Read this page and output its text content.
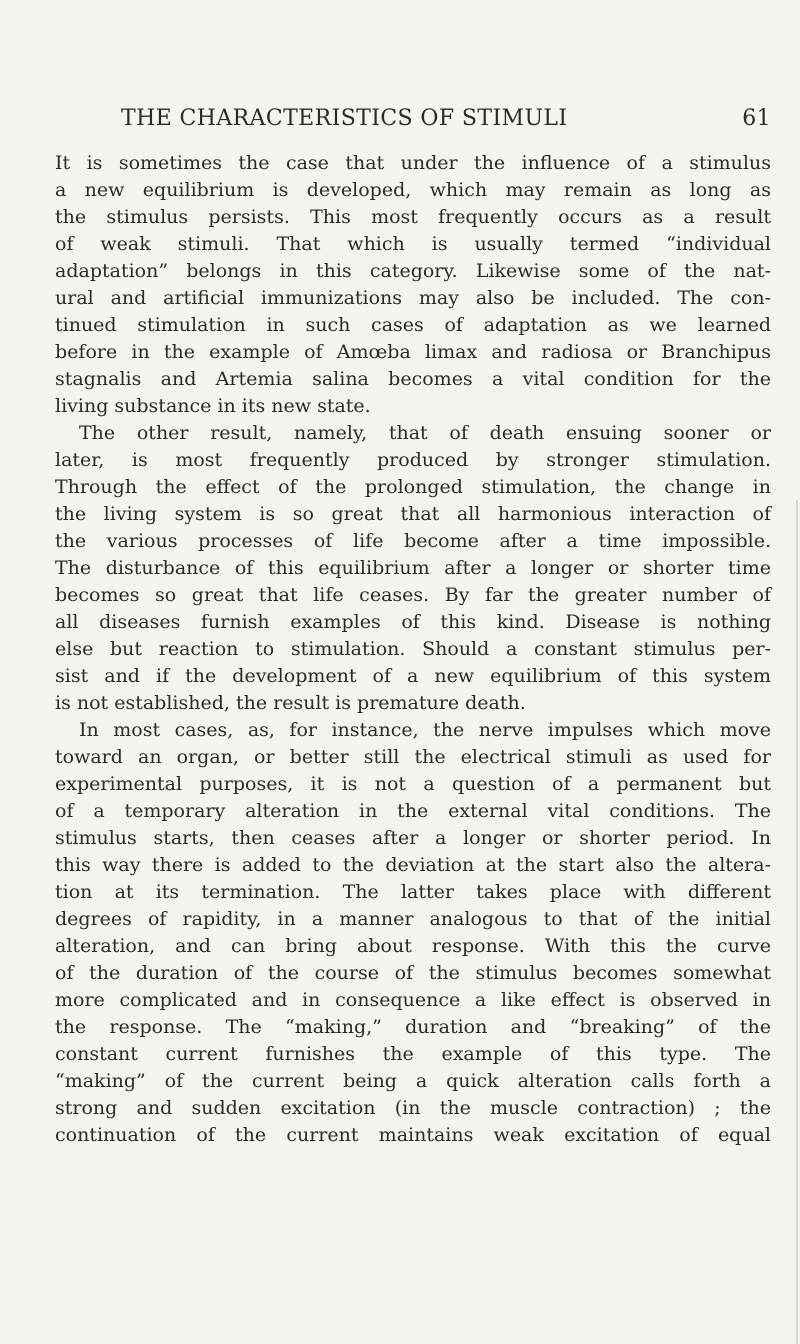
THE CHARACTERISTICS OF STIMULI	61
It is sometimes the case that under the influence of a stimulus
a new equilibrium is developed, which may remain as long as
the stimulus persists. This most frequently occurs as a result
of weak stimuli. That which is usually termed “individual
adaptation” belongs in this category. Likewise some of the nat-
ural and artificial immunizations may also be included. The con-
tinued stimulation in such cases of adaptation as we learned
before in the example of Amœba limax and radiosa or Branchipus
stagnalis and Artemia salina becomes a vital condition for the
living substance in its new state.
The other result, namely, that of death ensuing sooner or
later, is most frequently produced by stronger stimulation.
Through the effect of the prolonged stimulation, the change in
the living system is so great that all harmonious interaction of
the various processes of life become after a time impossible.
The disturbance of this equilibrium after a longer or shorter time
becomes so great that life ceases. By far the greater number of
all diseases furnish examples of this kind. Disease is nothing
else but reaction to stimulation. Should a constant stimulus per-
sist and if the development of a new equilibrium of this system
is not established, the result is premature death.
In most cases, as, for instance, the nerve impulses which move
toward an organ, or better still the electrical stimuli as used for
experimental purposes, it is not a question of a permanent but
of a temporary alteration in the external vital conditions. The
stimulus starts, then ceases after a longer or shorter period. In
this way there is added to the deviation at the start also the altera-
tion at its termination. The latter takes place with different
degrees of rapidity, in a manner analogous to that of the initial
alteration, and can bring about response. With this the curve
of the duration of the course of the stimulus becomes somewhat
more complicated and in consequence a like effect is observed in
the response. The “making,” duration and “breaking” of the
constant current furnishes the example of this type. The
“making” of the current being a quick alteration calls forth a
strong and sudden excitation (in the muscle contraction) ; the
continuation of the current maintains weak excitation of equal
